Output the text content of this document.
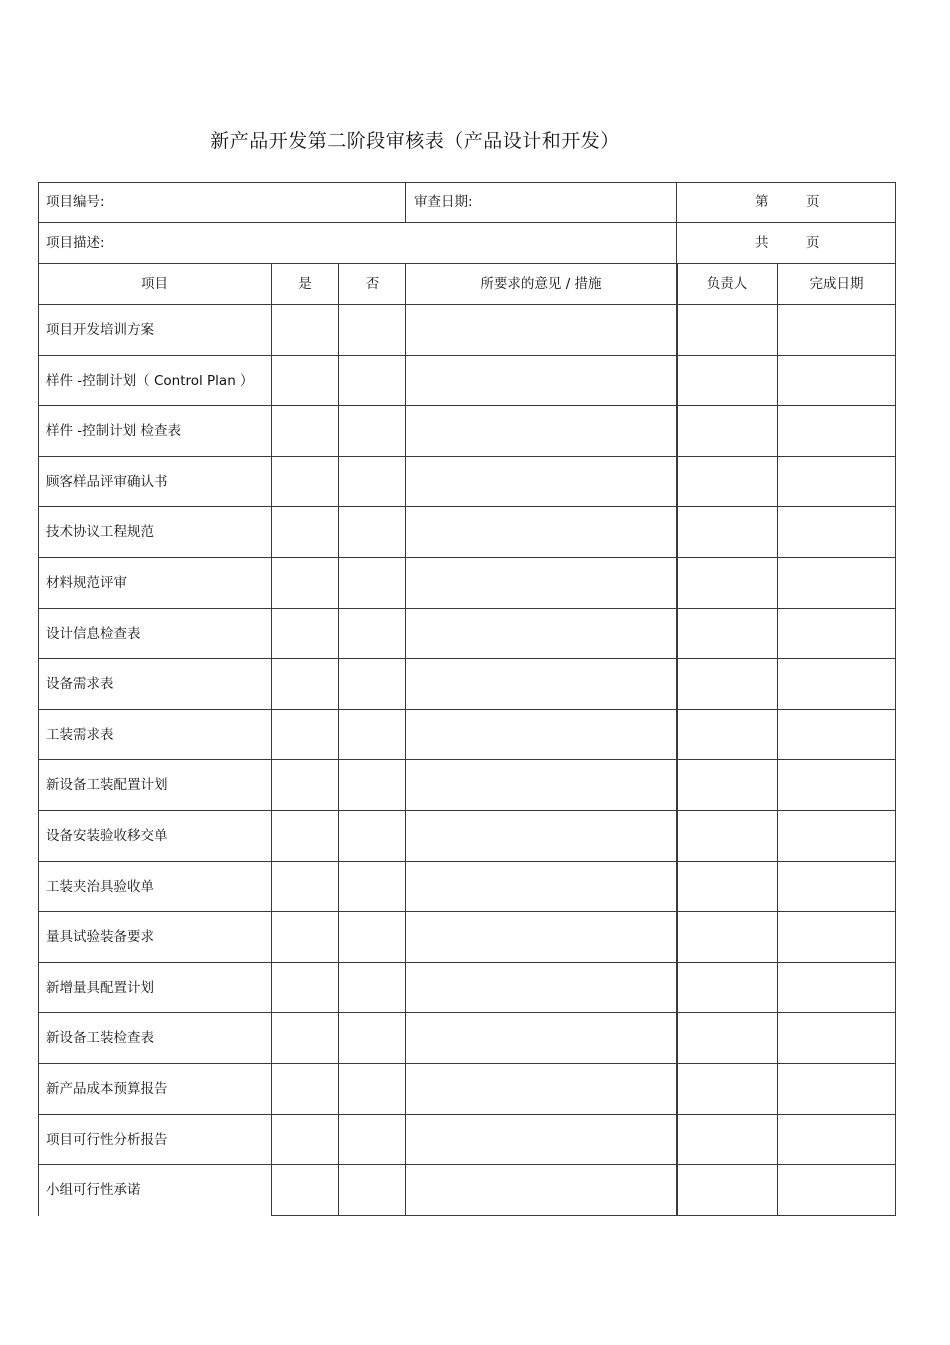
新产品开发第二阶段审核表（产品设计和开发）
项目编号:	审查日期:	第	页
项目描述:	共	页
项目	是	否	所要求的意见 / 措施	负责人	完成日期
项目开发培训方案
样件 -控制计划（ Control Plan ）
样件 -控制计划 检查表
顾客样品评审确认书
技术协议工程规范
材料规范评审
设计信息检查表
设备需求表
工装需求表
新设备工装配置计划
设备安装验收移交单
工装夹治具验收单
量具试验装备要求
新增量具配置计划
新设备工装检查表
新产品成本预算报告
项目可行性分析报告
小组可行性承诺
